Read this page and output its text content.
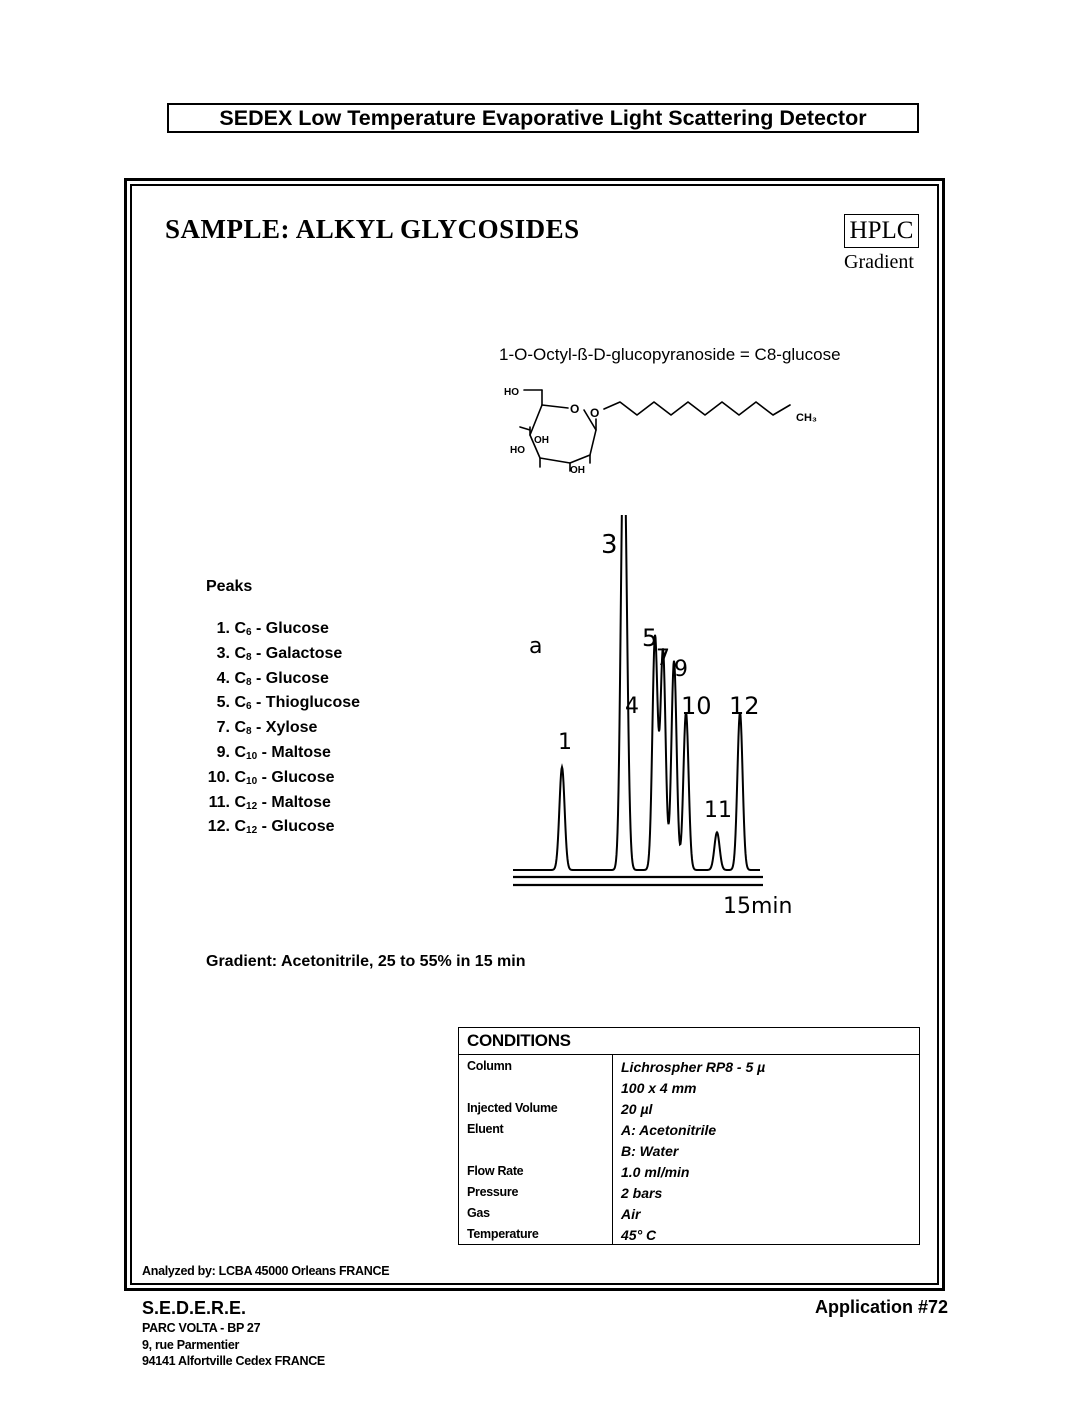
SEDEX Low Temperature Evaporative Light Scattering Detector
SAMPLE: ALKYL GLYCOSIDES	HPLC
Gradient
1-O-Octyl-ß-D-glucopyranoside = C8-glucose
HO
O O
OH
HO
OH
CH₃
Peaks
1. $C_6$ - Glucose
3. $C_8$ - Galactose
4. $C_8$ - Glucose
5. $C_6$ - Thioglucose
7. $C_8$ - Xylose
9. $C_{10}$ - Maltose
10. $C_{10}$ - Glucose
11. $C_{12}$ - Maltose
12. $C_{12}$ - Glucose
1
3
4
5
7 9
10
11
12
a
15min
Gradient: Acetonitrile, 25 to 55% in 15 min
CONDITIONS
Column	Lichrospher RP8 - 5 µ
100 x 4 mm
Injected Volume	20 µl
Eluent	A: Acetonitrile
B: Water
Flow Rate	1.0 ml/min
Pressure	2 bars
Gas	Air
Temperature	45° C
Analyzed by: LCBA 45000 Orleans FRANCE
S.E.D.E.R.E.
PARC VOLTA - BP 27
9, rue Parmentier
94141 Alfortville Cedex FRANCE
Application #72
